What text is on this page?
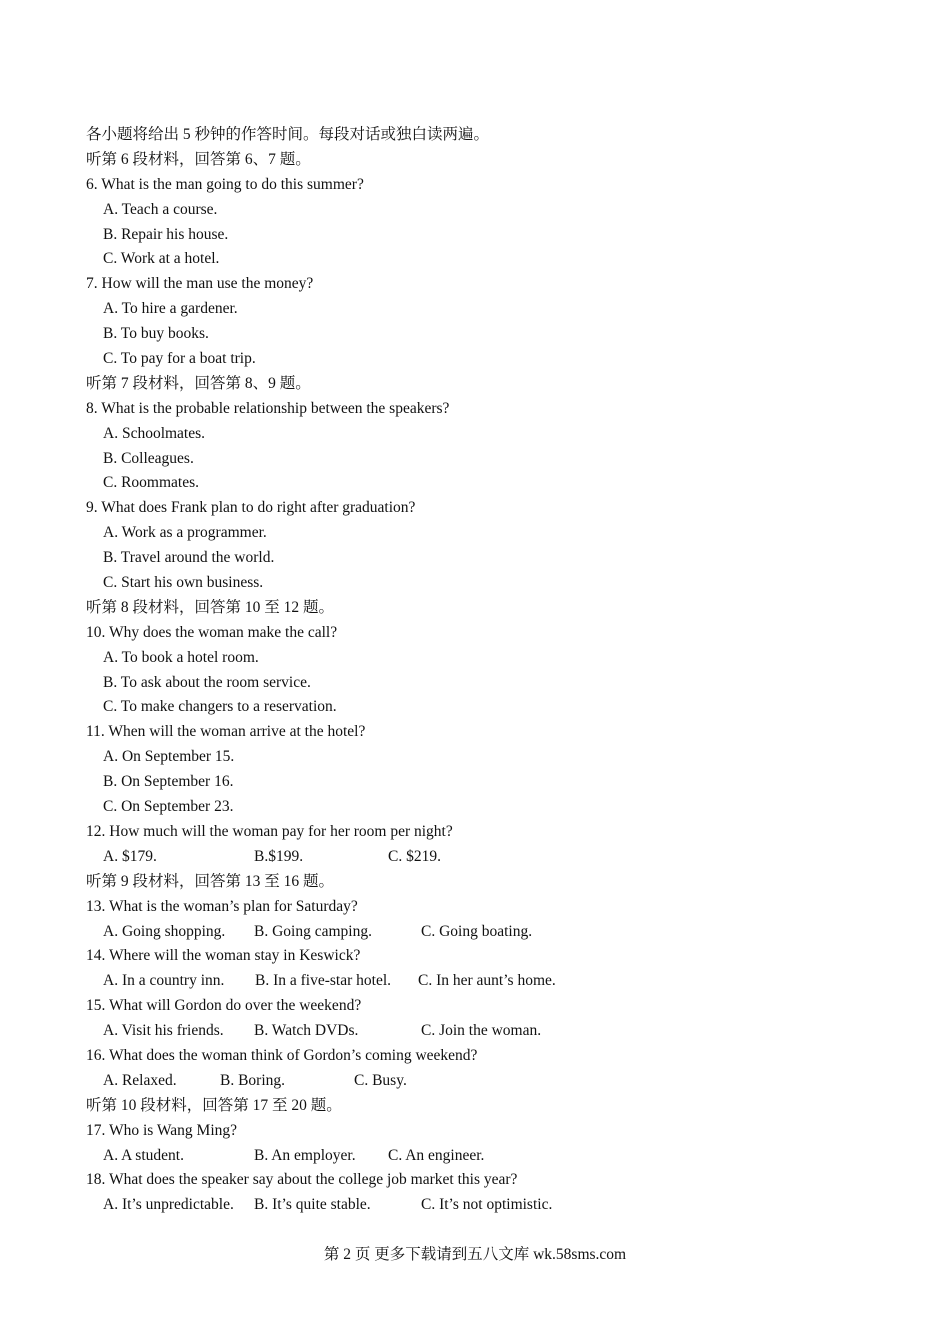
各小题将给出 5 秒钟的作答时间。每段对话或独白读两遍。
听第 6 段材料，回答第 6、7 题。
6. What is the man going to do this summer?
A. Teach a course.
B. Repair his house.
C. Work at a hotel.
7. How will the man use the money?
A. To hire a gardener.
B. To buy books.
C. To pay for a boat trip.
听第 7 段材料，回答第 8、9 题。
8. What is the probable relationship between the speakers?
A. Schoolmates.
B. Colleagues.
C. Roommates.
9. What does Frank plan to do right after graduation?
A. Work as a programmer.
B. Travel around the world.
C. Start his own business.
听第 8 段材料，回答第 10 至 12 题。
10. Why does the woman make the call?
A. To book a hotel room.
B. To ask about the room service.
C. To make changers to a reservation.
11. When will the woman arrive at the hotel?
A. On September 15.
B. On September 16.
C. On September 23.
12. How much will the woman pay for her room per night?
A. $179.	B.$199.	C. $219.
听第 9 段材料，回答第 13 至 16 题。
13. What is the woman’s plan for Saturday?
A. Going shopping. B. Going camping.	C. Going boating.
14. Where will the woman stay in Keswick?
A. In a country inn. B. In a five-star hotel. C. In her aunt’s home.
15. What will Gordon do over the weekend?
A. Visit his friends. B. Watch DVDs.	C. Join the woman.
16. What does the woman think of Gordon’s coming weekend?
A. Relaxed.	B. Boring.	C. Busy.
听第 10 段材料，回答第 17 至 20 题。
17. Who is Wang Ming?
A. A student.	B. An employer. C. An engineer.
18. What does the speaker say about the college job market this year?
A. It’s unpredictable. B. It’s quite stable.	C. It’s not optimistic.
第 2 页 更多下载请到五八文库 wk.58sms.com
